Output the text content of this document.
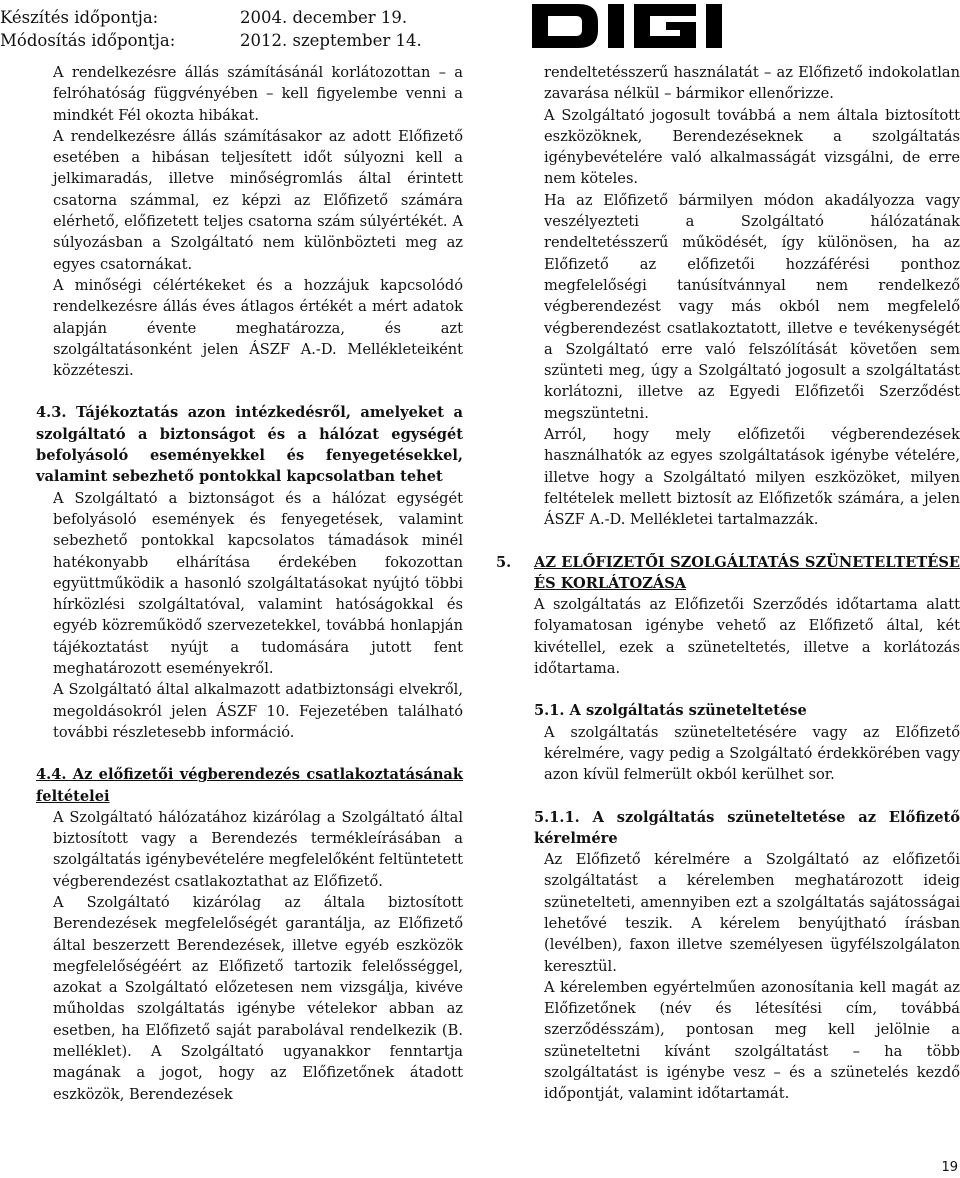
Készítés időpontja:	2004. december 19.
Módosítás időpontja:	2012. szeptember 14.
DIGI

A rendelkezésre állás számításánál korlátozottan – a felróhatóság függvényében – kell figyelembe venni a mindkét Fél okozta hibákat.

A rendelkezésre állás számításakor az adott Előfizető esetében a hibásan teljesített időt súlyozni kell a jelkimaradás, illetve minőségromlás által érintett csatorna számmal, ez képzi az Előfizető számára elérhető, előfizetett teljes csatorna szám súlyértékét. A súlyozásban a Szolgáltató nem különbözteti meg az egyes csatornákat.

A minőségi célértékeket és a hozzájuk kapcsolódó rendelkezésre állás éves átlagos értékét a mért adatok alapján évente meghatározza, és azt szolgáltatásonként jelen ÁSZF A.-D. Mellékleteiként közzéteszi.

4.3. Tájékoztatás azon intézkedésről, amelyeket a szolgáltató a biztonságot és a hálózat egységét befolyásoló eseményekkel és fenyegetésekkel, valamint sebezhető pontokkal kapcsolatban tehet

A Szolgáltató a biztonságot és a hálózat egységét befolyásoló események és fenyegetések, valamint sebezhető pontokkal kapcsolatos támadások minél hatékonyabb elhárítása érdekében fokozottan együttműködik a hasonló szolgáltatásokat nyújtó többi hírközlési szolgáltatóval, valamint hatóságokkal és egyéb közreműködő szervezetekkel, továbbá honlapján tájékoztatást nyújt a tudomására jutott fent meghatározott eseményekről.

A Szolgáltató által alkalmazott adatbiztonsági elvekről, megoldásokról jelen ÁSZF 10. Fejezetében található további részletesebb információ.

4.4. Az előfizetői végberendezés csatlakoztatásának feltételei

A Szolgáltató hálózatához kizárólag a Szolgáltató által biztosított vagy a Berendezés termékleírásában a szolgáltatás igénybevételére megfelelőként feltüntetett végberendezést csatlakoztathat az Előfizető.

A Szolgáltató kizárólag az általa biztosított Berendezések megfelelőségét garantálja, az Előfizető által beszerzett Berendezések, illetve egyéb eszközök megfelelőségéért az Előfizető tartozik felelősséggel, azokat a Szolgáltató előzetesen nem vizsgálja, kivéve műholdas szolgáltatás igénybe vételekor abban az esetben, ha Előfizető saját parabolával rendelkezik (B. melléklet). A Szolgáltató ugyanakkor fenntartja magának a jogot, hogy az Előfizetőnek átadott eszközök, Berendezések

rendeltetésszerű használatát – az Előfizető indokolatlan zavarása nélkül – bármikor ellenőrizze.

A Szolgáltató jogosult továbbá a nem általa biztosított eszközöknek, Berendezéseknek a szolgáltatás igénybevételére való alkalmasságát vizsgálni, de erre nem köteles.

Ha az Előfizető bármilyen módon akadályozza vagy veszélyezteti a Szolgáltató hálózatának rendeltetésszerű működését, így különösen, ha az Előfizető az előfizetői hozzáférési ponthoz megfelelőségi tanúsítvánnyal nem rendelkező végberendezést vagy más okból nem megfelelő végberendezést csatlakoztatott, illetve e tevékenységét a Szolgáltató erre való felszólítását követően sem szünteti meg, úgy a Szolgáltató jogosult a szolgáltatást korlátozni, illetve az Egyedi Előfizetői Szerződést megszüntetni.

Arról, hogy mely előfizetői végberendezések használhatók az egyes szolgáltatások igénybe vételére, illetve hogy a Szolgáltató milyen eszközöket, milyen feltételek mellett biztosít az Előfizetők számára, a jelen ÁSZF A.-D. Mellékletei tartalmazzák.

5.	AZ ELŐFIZETŐI SZOLGÁLTATÁS SZÜNETELTETÉSE ÉS KORLÁTOZÁSA

A szolgáltatás az Előfizetői Szerződés időtartama alatt folyamatosan igénybe vehető az Előfizető által, két kivétellel, ezek a szüneteltetés, illetve a korlátozás időtartama.

5.1. A szolgáltatás szüneteltetése

A szolgáltatás szüneteltetésére vagy az Előfizető kérelmére, vagy pedig a Szolgáltató érdekkörében vagy azon kívül felmerült okból kerülhet sor.

5.1.1. A szolgáltatás szüneteltetése az Előfizető kérelmére

Az Előfizető kérelmére a Szolgáltató az előfizetői szolgáltatást a kérelemben meghatározott ideig szünetelteti, amennyiben ezt a szolgáltatás sajátosságai lehetővé teszik. A kérelem benyújtható írásban (levélben), faxon illetve személyesen ügyfélszolgálaton keresztül.

A kérelemben egyértelműen azonosítania kell magát az Előfizetőnek (név és létesítési cím, továbbá szerződésszám), pontosan meg kell jelölnie a szüneteltetni kívánt szolgáltatást – ha több szolgáltatást is igénybe vesz – és a szünetelés kezdő időpontját, valamint időtartamát.

19
